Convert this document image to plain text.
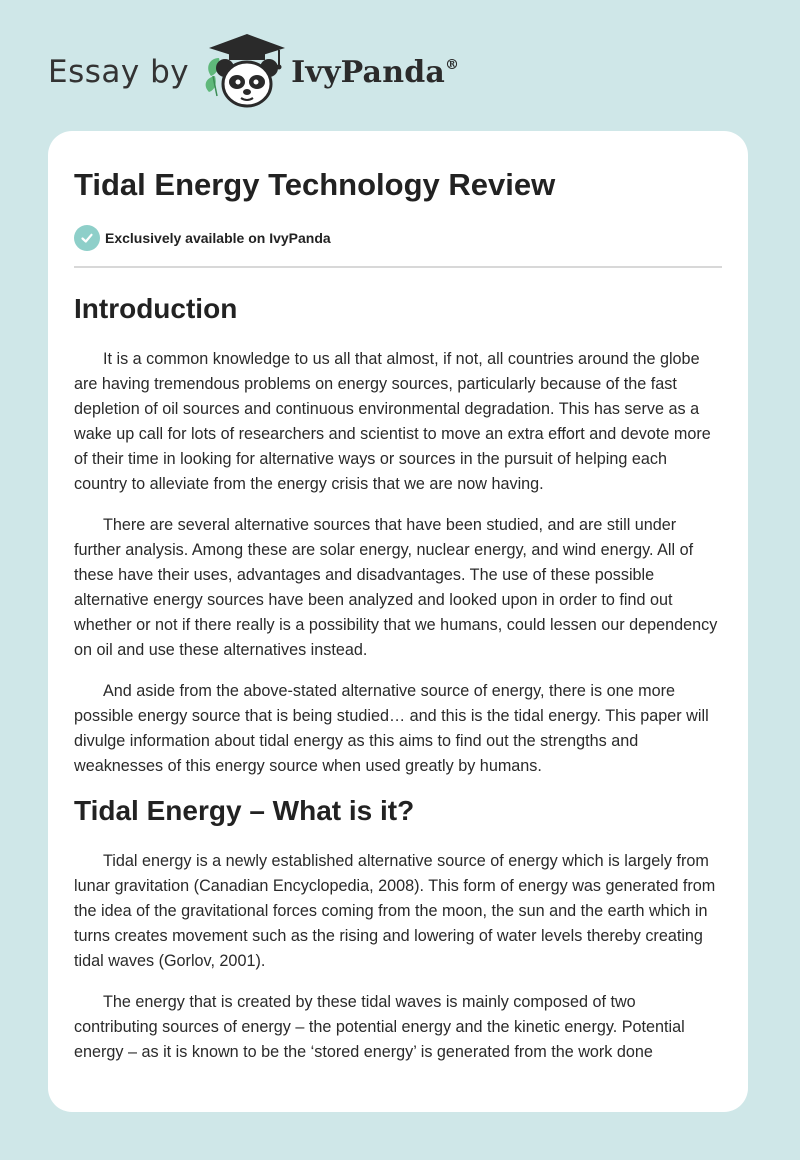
Essay by	IvyPanda®
Tidal Energy Technology Review
Exclusively available on IvyPanda
Introduction

It is a common knowledge to us all that almost, if not, all countries around the globe are having tremendous problems on energy sources, particularly because of the fast depletion of oil sources and continuous environmental degradation. This has serve as a wake up call for lots of researchers and scientist to move an extra effort and devote more of their time in looking for alternative ways or sources in the pursuit of helping each country to alleviate from the energy crisis that we are now having.

There are several alternative sources that have been studied, and are still under further analysis. Among these are solar energy, nuclear energy, and wind energy. All of these have their uses, advantages and disadvantages. The use of these possible alternative energy sources have been analyzed and looked upon in order to find out whether or not if there really is a possibility that we humans, could lessen our dependency on oil and use these alternatives instead.

And aside from the above-stated alternative source of energy, there is one more possible energy source that is being studied… and this is the tidal energy. This paper will divulge information about tidal energy as this aims to find out the strengths and weaknesses of this energy source when used greatly by humans.

Tidal Energy – What is it?

Tidal energy is a newly established alternative source of energy which is largely from lunar gravitation (Canadian Encyclopedia, 2008). This form of energy was generated from the idea of the gravitational forces coming from the moon, the sun and the earth which in turns creates movement such as the rising and lowering of water levels thereby creating tidal waves (Gorlov, 2001).

The energy that is created by these tidal waves is mainly composed of two contributing sources of energy – the potential energy and the kinetic energy. Potential energy – as it is known to be the ‘stored energy’ is generated from the work done
